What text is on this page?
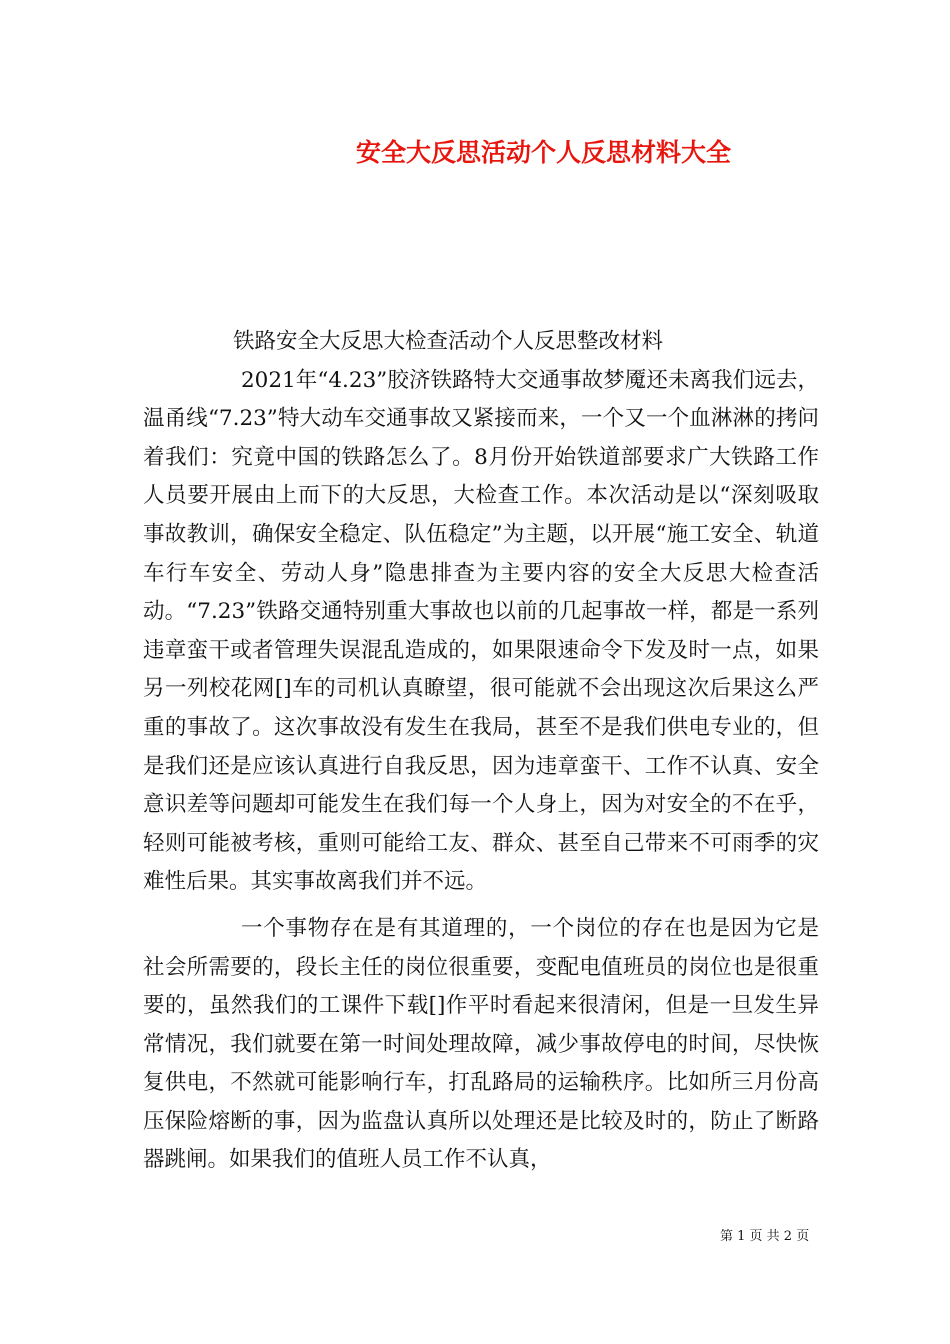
安全大反思活动个人反思材料大全
铁路安全大反思大检查活动个人反思整改材料

2021年“4.23”胶济铁路特大交通事故梦魇还未离我们远去，温甬线“7.23”特大动车交通事故又紧接而来，一个又一个血淋淋的拷问着我们：究竟中国的铁路怎么了。8月份开始铁道部要求广大铁路工作人员要开展由上而下的大反思，大检查工作。本次活动是以“深刻吸取事故教训，确保安全稳定、队伍稳定”为主题，以开展“施工安全、轨道车行车安全、劳动人身”隐患排查为主要内容的安全大反思大检查活动。“7.23”铁路交通特别重大事故也以前的几起事故一样，都是一系列违章蛮干或者管理失误混乱造成的，如果限速命令下发及时一点，如果另一列校花网[]车的司机认真瞭望，很可能就不会出现这次后果这么严重的事故了。这次事故没有发生在我局，甚至不是我们供电专业的，但是我们还是应该认真进行自我反思，因为违章蛮干、工作不认真、安全意识差等问题却可能发生在我们每一个人身上，因为对安全的不在乎，轻则可能被考核，重则可能给工友、群众、甚至自己带来不可雨季的灾难性后果。其实事故离我们并不远。

一个事物存在是有其道理的，一个岗位的存在也是因为它是社会所需要的，段长主任的岗位很重要，变配电值班员的岗位也是很重要的，虽然我们的工课件下载[]作平时看起来很清闲，但是一旦发生异常情况，我们就要在第一时间处理故障，减少事故停电的时间，尽快恢复供电，不然就可能影响行车，打乱路局的运输秩序。比如所三月份高压保险熔断的事，因为监盘认真所以处理还是比较及时的，防止了断路器跳闸。如果我们的值班人员工作不认真，

第 1 页 共 2 页
